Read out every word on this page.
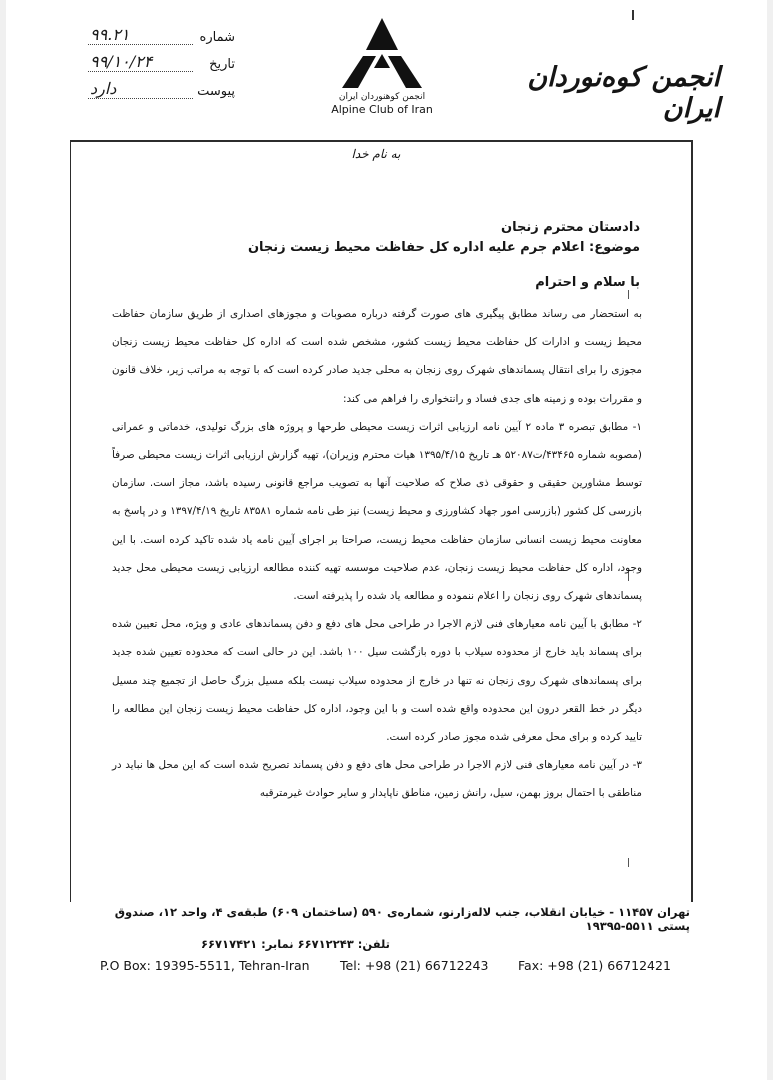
۹۹.۲۱	شماره
۹۹/۱۰/۲۴	تاریخ
دارد	پیوست	انجمن کوهنوردان ایران
Alpine Club of Iran
انجمن کوه‌نوردان ایران
به نام خدا
دادستان محترم زنجان
موضوع: اعلام جرم علیه اداره کل حفاظت محیط زیست زنجان
با سلام و احترام

به استحضار می رساند مطابق پیگیری های صورت گرفته درباره مصوبات و مجوزهای اصداری از طریق سازمان حفاظت محیط زیست و ادارات کل حفاظت محیط زیست کشور، مشخص شده است که اداره کل حفاظت محیط زیست زنجان مجوزی را برای انتقال پسماندهای شهرک روی زنجان به محلی جدید صادر کرده است که با توجه به مراتب زیر، خلاف قانون و مقررات بوده و زمینه های جدی فساد و رانتخواری را فراهم می کند:

۱- مطابق تبصره ۳ ماده ۲ آیین نامه ارزیابی اثرات زیست محیطی طرحها و پروژه های بزرگ تولیدی، خدماتی و عمرانی (مصوبه شماره ۴۳۴۶۵/ت۵۲۰۸۷ هـ تاریخ ۱۳۹۵/۴/۱۵ هیات محترم وزیران)، تهیه گزارش ارزیابی اثرات زیست محیطی صرفاً توسط مشاورین حقیقی و حقوقی ذی صلاح که صلاحیت آنها به تصویب مراجع قانونی رسیده باشد، مجاز است. سازمان بازرسی کل کشور (بازرسی امور جهاد کشاورزی و محیط زیست) نیز طی نامه شماره ۸۳۵۸۱ تاریخ ۱۳۹۷/۴/۱۹ و در پاسخ به معاونت محیط زیست انسانی سازمان حفاظت محیط زیست، صراحتا بر اجرای آیین نامه یاد شده تاکید کرده است. با این وجود، اداره کل حفاظت محیط زیست زنجان، عدم صلاحیت موسسه تهیه کننده مطالعه ارزیابی زیست محیطی محل جدید پسماندهای شهرک روی زنجان را اعلام ننموده و مطالعه یاد شده را پذیرفته است.

۲- مطابق با آیین نامه معیارهای فنی لازم الاجرا در طراحی محل های دفع و دفن پسماندهای عادی و ویژه، محل تعیین شده برای پسماند باید خارج از محدوده سیلاب با دوره بازگشت سیل ۱۰۰ باشد. این در حالی است که محدوده تعیین شده جدید برای پسماندهای شهرک روی زنجان نه تنها در خارج از محدوده سیلاب نیست بلکه مسیل بزرگ حاصل از تجمیع چند مسیل دیگر در خط القعر درون این محدوده واقع شده است و با این وجود، اداره کل حفاظت محیط زیست زنجان این مطالعه را تایید کرده و برای محل معرفی شده مجوز صادر کرده است.

۳- در آیین نامه معیارهای فنی لازم الاجرا در طراحی محل های دفع و دفن پسماند تصریح شده است که این محل ها نباید در مناطقی با احتمال بروز بهمن، سیل، رانش زمین، مناطق ناپایدار و سایر حوادث غیرمترقبه

تهران ۱۱۴۵۷ - خیابان انقلاب، جنب لاله‌زارنو، شماره‌ی ۵۹۰ (ساختمان ۶۰۹) طبقه‌ی ۴، واحد ۱۲، صندوق پستی ۵۵۱۱-۱۹۳۹۵
تلفن: ۶۶۷۱۲۲۴۳ نمابر: ۶۶۷۱۷۴۲۱
P.O Box: 19395-5511, Tehran-Iran Tel: +98 (21) 66712243 Fax: +98 (21) 66712421
